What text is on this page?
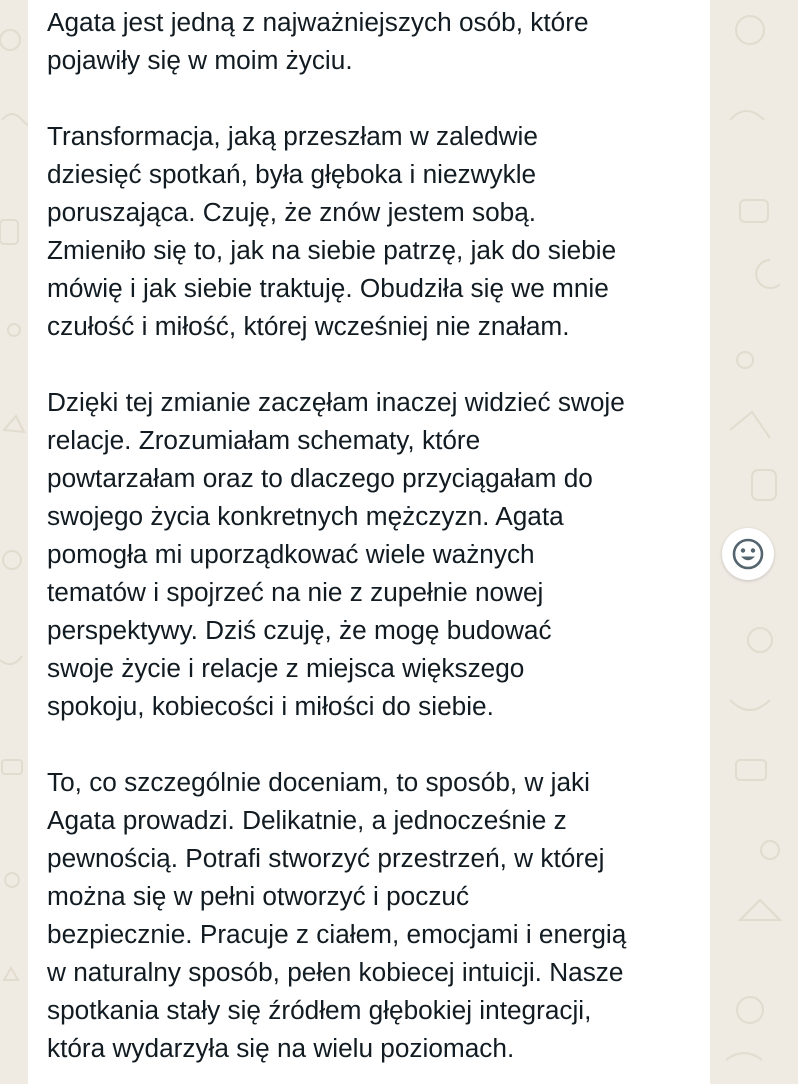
Agata jest jedną z najważniejszych osób, które
pojawiły się w moim życiu.
Transformacja, jaką przeszłam w zaledwie
dziesięć spotkań, była głęboka i niezwykle
poruszająca. Czuję, że znów jestem sobą.
Zmieniło się to, jak na siebie patrzę, jak do siebie
mówię i jak siebie traktuję. Obudziła się we mnie
czułość i miłość, której wcześniej nie znałam.
Dzięki tej zmianie zaczęłam inaczej widzieć swoje
relacje. Zrozumiałam schematy, które
powtarzałam oraz to dlaczego przyciągałam do
swojego życia konkretnych mężczyzn. Agata
pomogła mi uporządkować wiele ważnych
tematów i spojrzeć na nie z zupełnie nowej
perspektywy. Dziś czuję, że mogę budować
swoje życie i relacje z miejsca większego
spokoju, kobiecości i miłości do siebie.
To, co szczególnie doceniam, to sposób, w jaki
Agata prowadzi. Delikatnie, a jednocześnie z
pewnością. Potrafi stworzyć przestrzeń, w której
można się w pełni otworzyć i poczuć
bezpiecznie. Pracuje z ciałem, emocjami i energią
w naturalny sposób, pełen kobiecej intuicji. Nasze
spotkania stały się źródłem głębokiej integracji,
która wydarzyła się na wielu poziomach.
